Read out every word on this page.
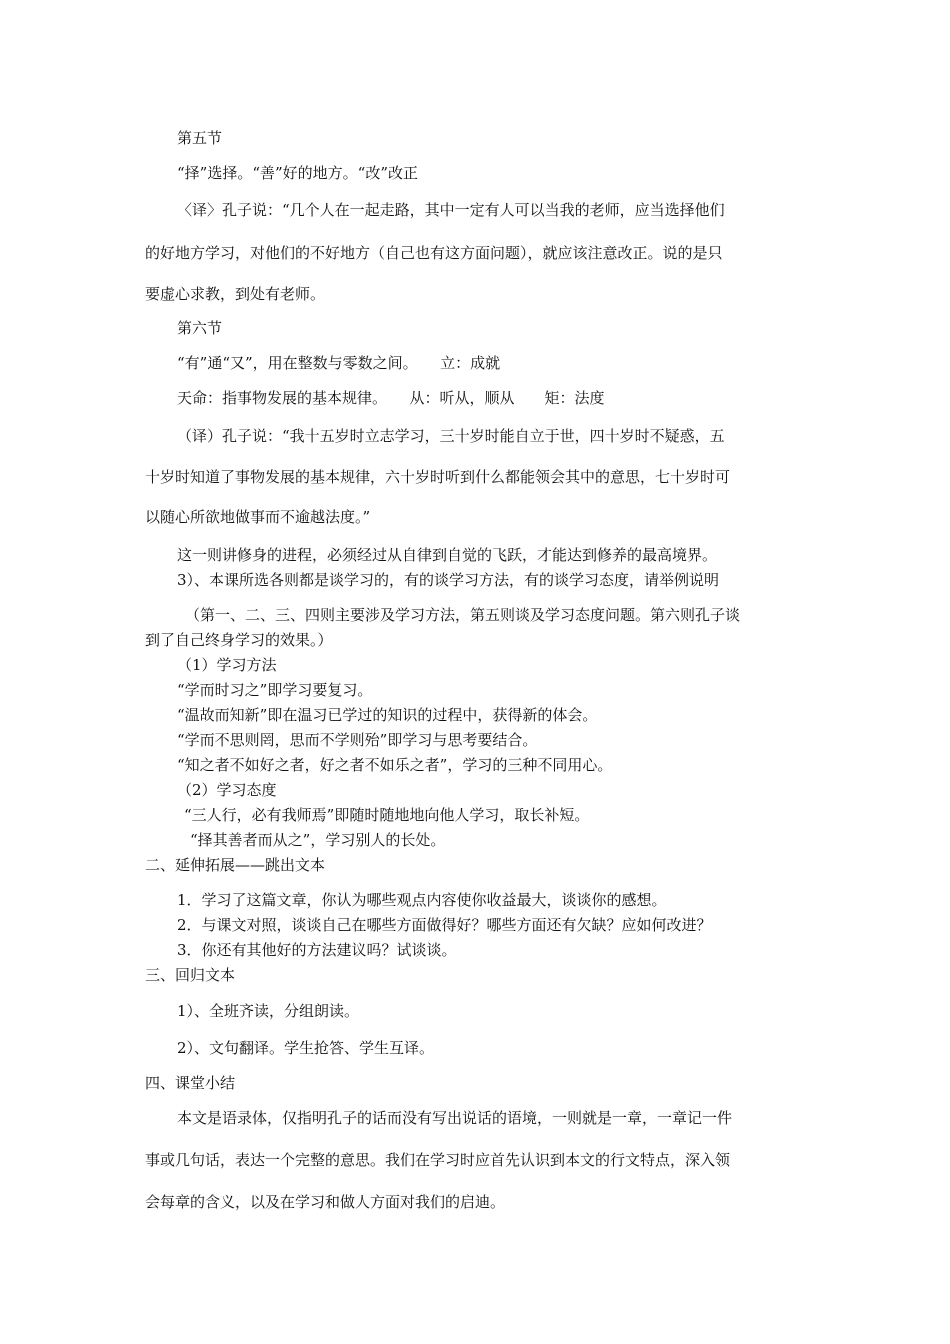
第五节
“择”选择。“善”好的地方。“改”改正
〈译〉孔子说：“几个人在一起走路，其中一定有人可以当我的老师，应当选择他们
的好地方学习，对他们的不好地方（自己也有这方面问题），就应该注意改正。说的是只
要虚心求教，到处有老师。
第六节
“有”通“又”，用在整数与零数之间。　　立：成就
天命：指事物发展的基本规律。　　从：听从，顺从　　矩：法度
（译）孔子说：“我十五岁时立志学习，三十岁时能自立于世，四十岁时不疑惑，五
十岁时知道了事物发展的基本规律，六十岁时听到什么都能领会其中的意思，七十岁时可
以随心所欲地做事而不逾越法度。”
这一则讲修身的进程，必须经过从自律到自觉的飞跃，才能达到修养的最高境界。
3）、本课所选各则都是谈学习的，有的谈学习方法，有的谈学习态度，请举例说明
（第一、二、三、四则主要涉及学习方法，第五则谈及学习态度问题。第六则孔子谈
到了自己终身学习的效果。）
（1）学习方法
“学而时习之”即学习要复习。
“温故而知新”即在温习已学过的知识的过程中，获得新的体会。
“学而不思则罔，思而不学则殆”即学习与思考要结合。
“知之者不如好之者，好之者不如乐之者”，学习的三种不同用心。
（2）学习态度
“三人行，必有我师焉”即随时随地地向他人学习，取长补短。
“择其善者而从之”，学习别人的长处。
二、延伸拓展——跳出文本
1．学习了这篇文章，你认为哪些观点内容使你收益最大，谈谈你的感想。
2．与课文对照，谈谈自己在哪些方面做得好？哪些方面还有欠缺？应如何改进？
3．你还有其他好的方法建议吗？试谈谈。
三、回归文本
1）、全班齐读，分组朗读。
2）、文句翻译。学生抢答、学生互译。
四、课堂小结
本文是语录体，仅指明孔子的话而没有写出说话的语境，一则就是一章，一章记一件
事或几句话，表达一个完整的意思。我们在学习时应首先认识到本文的行文特点，深入领
会每章的含义，以及在学习和做人方面对我们的启迪。
